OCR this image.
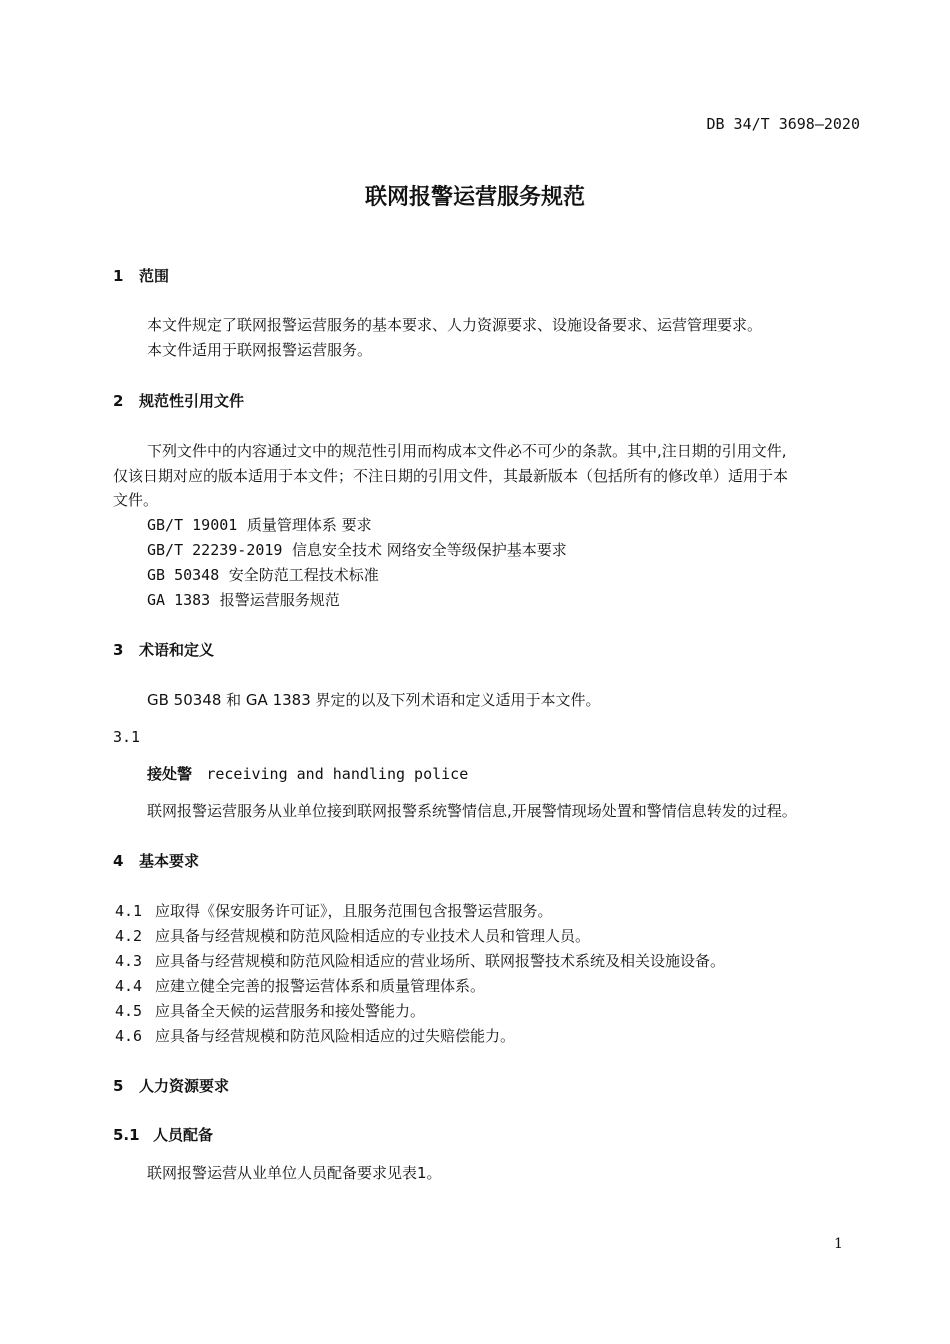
DB 34/T 3698—2020
联网报警运营服务规范
1 范围
本文件规定了联网报警运营服务的基本要求、人力资源要求、设施设备要求、运营管理要求。
本文件适用于联网报警运营服务。
2 规范性引用文件
下列文件中的内容通过文中的规范性引用而构成本文件必不可少的条款。其中,注日期的引用文件,
仅该日期对应的版本适用于本文件；不注日期的引用文件，其最新版本（包括所有的修改单）适用于本
文件。
GB/T 19001 质量管理体系 要求
GB/T 22239-2019 信息安全技术 网络安全等级保护基本要求
GB 50348 安全防范工程技术标准
GA 1383 报警运营服务规范
3 术语和定义
GB 50348 和 GA 1383 界定的以及下列术语和定义适用于本文件。
3.1
接处警 receiving and handling police
联网报警运营服务从业单位接到联网报警系统警情信息,开展警情现场处置和警情信息转发的过程。
4 基本要求
4.1 应取得《保安服务许可证》，且服务范围包含报警运营服务。
4.2 应具备与经营规模和防范风险相适应的专业技术人员和管理人员。
4.3 应具备与经营规模和防范风险相适应的营业场所、联网报警技术系统及相关设施设备。
4.4 应建立健全完善的报警运营体系和质量管理体系。
4.5 应具备全天候的运营服务和接处警能力。
4.6 应具备与经营规模和防范风险相适应的过失赔偿能力。
5 人力资源要求
5.1 人员配备
联网报警运营从业单位人员配备要求见表1。
1
